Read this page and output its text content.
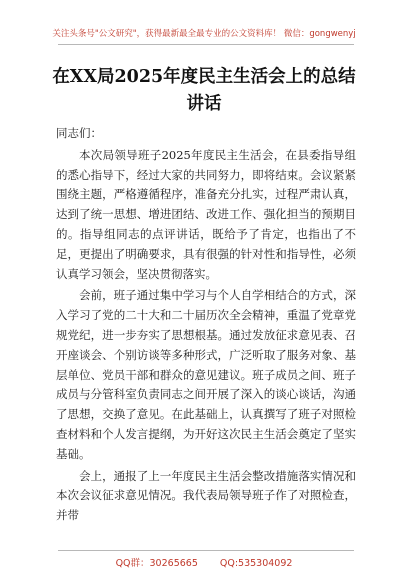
关注头条号"公文研究"，获得最新最全最专业的公文资料库！ 微信：gongwenyj
在XX局2025年度民主生活会上的总结
讲话

同志们：

本次局领导班子2025年度民主生活会，在县委指导组的悉心指导下，经过大家的共同努力，即将结束。会议紧紧围绕主题，严格遵循程序，准备充分扎实，过程严肃认真，达到了统一思想、增进团结、改进工作、强化担当的预期目的。指导组同志的点评讲话，既给予了肯定，也指出了不足，更提出了明确要求，具有很强的针对性和指导性，必须认真学习领会，坚决贯彻落实。

会前，班子通过集中学习与个人自学相结合的方式，深入学习了党的二十大和二十届历次全会精神，重温了党章党规党纪，进一步夯实了思想根基。通过发放征求意见表、召开座谈会、个别访谈等多种形式，广泛听取了服务对象、基层单位、党员干部和群众的意见建议。班子成员之间、班子成员与分管科室负责同志之间开展了深入的谈心谈话，沟通了思想，交换了意见。在此基础上，认真撰写了班子对照检查材料和个人发言提纲，为开好这次民主生活会奠定了坚实基础。

会上，通报了上一年度民主生活会整改措施落实情况和本次会议征求意见情况。我代表局领导班子作了对照检查，并带

QQ群：30265665 QQ:535304092
